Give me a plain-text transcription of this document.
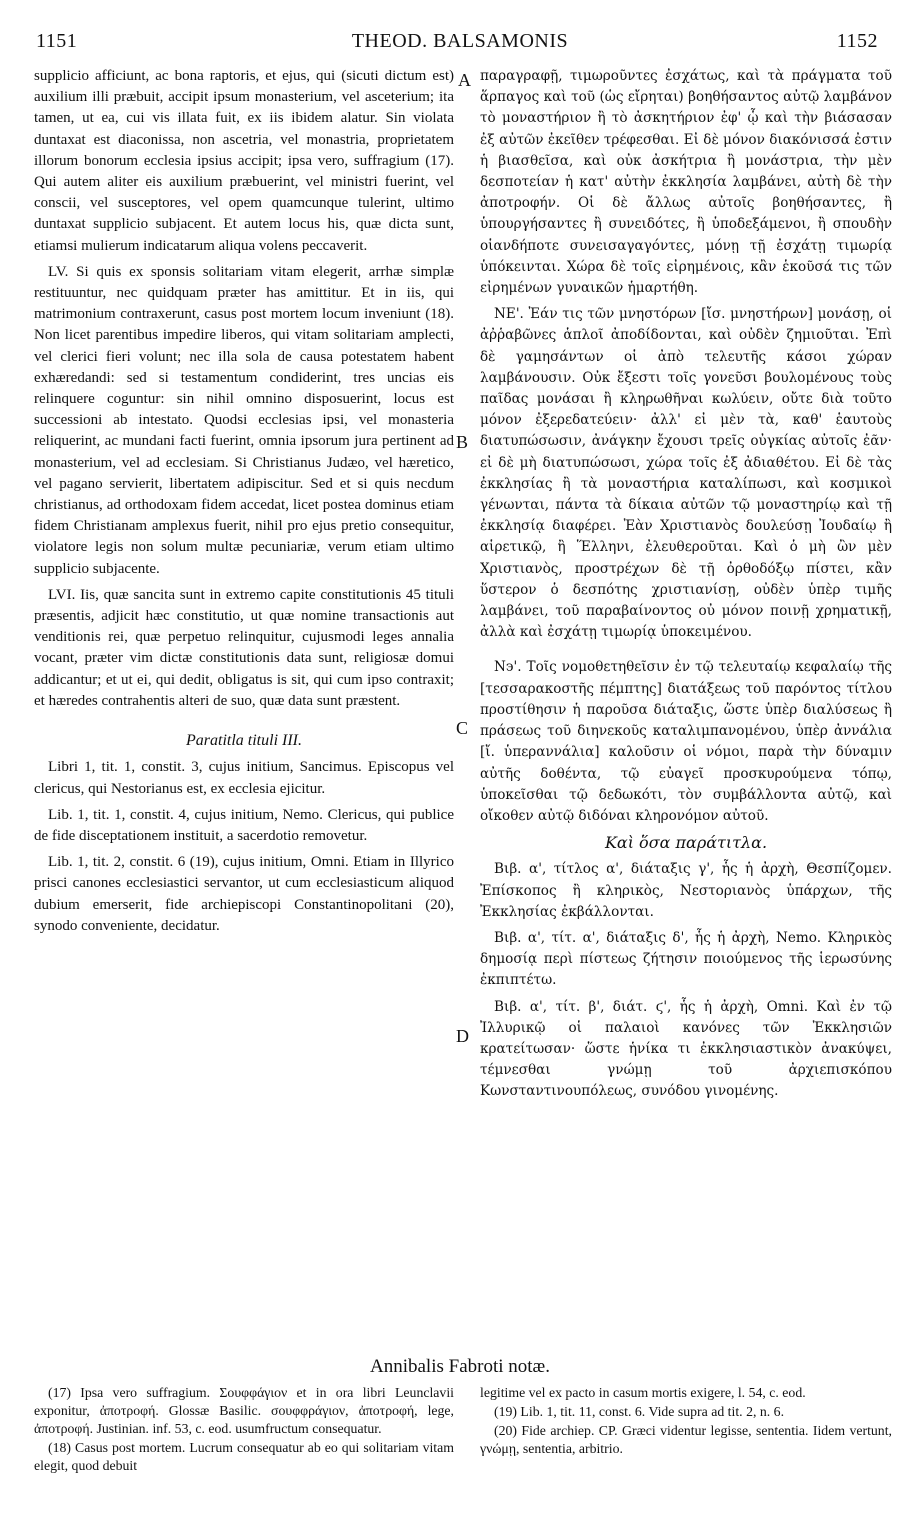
1151	THEOD. BALSAMONIS	1152
A
B
C
D

supplicio afficiunt, ac bona raptoris, et ejus, qui (sicuti dictum est) auxilium illi præbuit, accipit ipsum monasterium, vel asceterium; ita tamen, ut ea, cui vis illata fuit, ex iis ibidem alatur. Sin violata duntaxat est diaconissa, non ascetria, vel monastria, proprietatem illorum bonorum ecclesia ipsius accipit; ipsa vero, suffragium (17). Qui autem aliter eis auxilium præbuerint, vel ministri fuerint, vel conscii, vel susceptores, vel opem quamcunque tulerint, ultimo duntaxat supplicio subjacent. Et autem locus his, quæ dicta sunt, etiamsi mulierum indicatarum aliqua volens peccaverit.

LV. Si quis ex sponsis solitariam vitam elegerit, arrhæ simplæ restituuntur, nec quidquam præter has amittitur. Et in iis, qui matrimonium contraxerunt, casus post mortem locum inveniunt (18). Non licet parentibus impedire liberos, qui vitam solitariam amplecti, vel clerici fieri volunt; nec illa sola de causa potestatem habent exhæredandi: sed si testamentum condiderint, tres uncias eis relinquere coguntur: sin nihil omnino disposuerint, locus est successioni ab intestato. Quodsi ecclesias ipsi, vel monasteria reliquerint, ac mundani facti fuerint, omnia ipsorum jura pertinent ad monasterium, vel ad ecclesiam. Si Christianus Judæo, vel hæretico, vel pagano servierit, libertatem adipiscitur. Sed et si quis necdum christianus, ad orthodoxam fidem accedat, licet postea dominus etiam fidem Christianam amplexus fuerit, nihil pro ejus pretio consequitur, violatore legis non solum multæ pecuniariæ, verum etiam ultimo supplicio subjacente.

LVI. Iis, quæ sancita sunt in extremo capite constitutionis 45 tituli præsentis, adjicit hæc constitutio, ut quæ nomine transactionis aut venditionis rei, quæ perpetuo relinquitur, cujusmodi leges annalia vocant, præter vim dictæ constitutionis data sunt, religiosæ domui addicantur; et ut ei, qui dedit, obligatus is sit, qui cum ipso contraxit; et hæredes contrahentis alteri de suo, quæ data sunt præstent.

Paratitla tituli III.

Libri 1, tit. 1, constit. 3, cujus initium, Sancimus. Episcopus vel clericus, qui Nestorianus est, ex ecclesia ejicitur.

Lib. 1, tit. 1, constit. 4, cujus initium, Nemo. Clericus, qui publice de fide disceptationem instituit, a sacerdotio removetur.

Lib. 1, tit. 2, constit. 6 (19), cujus initium, Omni. Etiam in Illyrico prisci canones ecclesiastici servantor, ut cum ecclesiasticum aliquod dubium emerserit, fide archiepiscopi Constantinopolitani (20), synodo conveniente, decidatur.

παραγραφῇ, τιμωροῦντες ἐσχάτως, καὶ τὰ πράγματα τοῦ ἅρπαγος καὶ τοῦ (ὡς εἴρηται) βοηθήσαντος αὐτῷ λαμβάνον τὸ μοναστήριον ἢ τὸ ἀσκητήριον ἐφ' ᾧ καὶ τὴν βιάσασαν ἐξ αὐτῶν ἐκεῖθεν τρέφεσθαι. Εἰ δὲ μόνον διακόνισσά ἐστιν ἡ βιασθεῖσα, καὶ οὐκ ἀσκήτρια ἢ μονάστρια, τὴν μὲν δεσποτείαν ἡ κατ' αὐτὴν ἐκκλησία λαμβάνει, αὐτὴ δὲ τὴν ἀποτροφήν. Οἱ δὲ ἄλλως αὐτοῖς βοηθήσαντες, ἢ ὑπουργήσαντες ἢ συνειδότες, ἢ ὑποδεξάμενοι, ἢ σπουδὴν οἱανδήποτε συνεισαγαγόντες, μόνῃ τῇ ἐσχάτῃ τιμωρίᾳ ὑπόκεινται. Χώρα δὲ τοῖς εἰρημένοις, κἂν ἑκοῦσά τις τῶν εἰρημένων γυναικῶν ἡμαρτήθη.

ΝΕ'. Ἐάν τις τῶν μνηστόρων [ἴσ. μνηστήρων] μονάσῃ, οἱ ἀῤῥαβῶνες ἁπλοῖ ἀποδίδονται, καὶ οὐδὲν ζημιοῦται. Ἐπὶ δὲ γαμησάντων οἱ ἀπὸ τελευτῆς κάσοι χώραν λαμβάνουσιν. Οὐκ ἔξεστι τοῖς γονεῦσι βουλομένους τοὺς παῖδας μονάσαι ἢ κληρωθῆναι κωλύειν, οὔτε διὰ τοῦτο μόνον ἐξερεδατεύειν· ἀλλ' εἰ μὲν τὰ, καθ' ἑαυτοὺς διατυπώσωσιν, ἀνάγκην ἔχουσι τρεῖς οὐγκίας αὐτοῖς ἐᾶν· εἰ δὲ μὴ διατυπώσωσι, χώρα τοῖς ἐξ ἀδιαθέτου. Εἰ δὲ τὰς ἐκκλησίας ἢ τὰ μοναστήρια καταλίπωσι, καὶ κοσμικοὶ γένωνται, πάντα τὰ δίκαια αὐτῶν τῷ μοναστηρίῳ καὶ τῇ ἐκκλησίᾳ διαφέρει. Ἐὰν Χριστιανὸς δουλεύσῃ Ἰουδαίῳ ἢ αἱρετικῷ, ἢ Ἕλληνι, ἐλευθεροῦται. Καὶ ὁ μὴ ὢν μὲν Χριστιανὸς, προστρέχων δὲ τῇ ὀρθοδόξῳ πίστει, κἂν ὕστερον ὁ δεσπότης χριστιανίσῃ, οὐδὲν ὑπὲρ τιμῆς λαμβάνει, τοῦ παραβαίνοντος οὐ μόνον ποινῇ χρηματικῇ, ἀλλὰ καὶ ἐσχάτῃ τιμωρίᾳ ὑποκειμένου.

Ν϶'. Τοῖς νομοθετηθεῖσιν ἐν τῷ τελευταίῳ κεφαλαίῳ τῆς [τεσσαρακοστῆς πέμπτης] διατάξεως τοῦ παρόντος τίτλου προστίθησιν ἡ παροῦσα διάταξις, ὥστε ὑπὲρ διαλύσεως ἢ πράσεως τοῦ διηνεκοῦς καταλιμπανομένου, ὑπὲρ ἀννάλια [ἴ. ὑπεραννάλια] καλοῦσιν οἱ νόμοι, παρὰ τὴν δύναμιν αὐτῆς δοθέντα, τῷ εὐαγεῖ προσκυρούμενα τόπῳ, ὑποκεῖσθαι τῷ δεδωκότι, τὸν συμβάλλοντα αὐτῷ, καὶ οἴκοθεν αὐτῷ διδόναι κληρονόμον αὐτοῦ.

Καὶ ὅσα παράτιτλα.

Βιβ. α', τίτλος α', διάταξις γ', ἧς ἡ ἀρχὴ, Θεσπίζομεν. Ἐπίσκοπος ἢ κληρικὸς, Νεστοριανὸς ὑπάρχων, τῆς Ἐκκλησίας ἐκβάλλονται.

Βιβ. α', τίτ. α', διάταξις δ', ἧς ἡ ἀρχὴ, Nemo. Κληρικὸς δημοσίᾳ περὶ πίστεως ζήτησιν ποιούμενος τῆς ἱερωσύνης ἐκπιπτέτω.

Βιβ. α', τίτ. β', διάτ. ϛ', ἧς ἡ ἀρχὴ, Omni. Καὶ ἐν τῷ Ἰλλυρικῷ οἱ παλαιοὶ κανόνες τῶν Ἐκκλησιῶν κρατείτωσαν· ὥστε ἡνίκα τι ἐκκλησιαστικὸν ἀνακύψει, τέμνεσθαι γνώμῃ τοῦ ἀρχιεπισκόπου Κωνσταντινουπόλεως, συνόδου γινομένης.

Annibalis Fabroti notæ.

(17) Ipsa vero suffragium. Σουφφάγιον et in ora libri Leunclavii exponitur, ἀποτροφή. Glossæ Basilic. σουφφράγιον, ἀποτροφή, lege, ἀποτροφή. Justinian. inf. 53, c. eod. usumfructum consequatur.

(18) Casus post mortem. Lucrum consequatur ab eo qui solitariam vitam elegit, quod debuit

legitime vel ex pacto in casum mortis exigere, l. 54, c. eod.

(19) Lib. 1, tit. 11, const. 6. Vide supra ad tit. 2, n. 6.

(20) Fide archiep. CP. Græci videntur legisse, sententia. Iidem vertunt, γνώμῃ, sententia, arbitrio.
